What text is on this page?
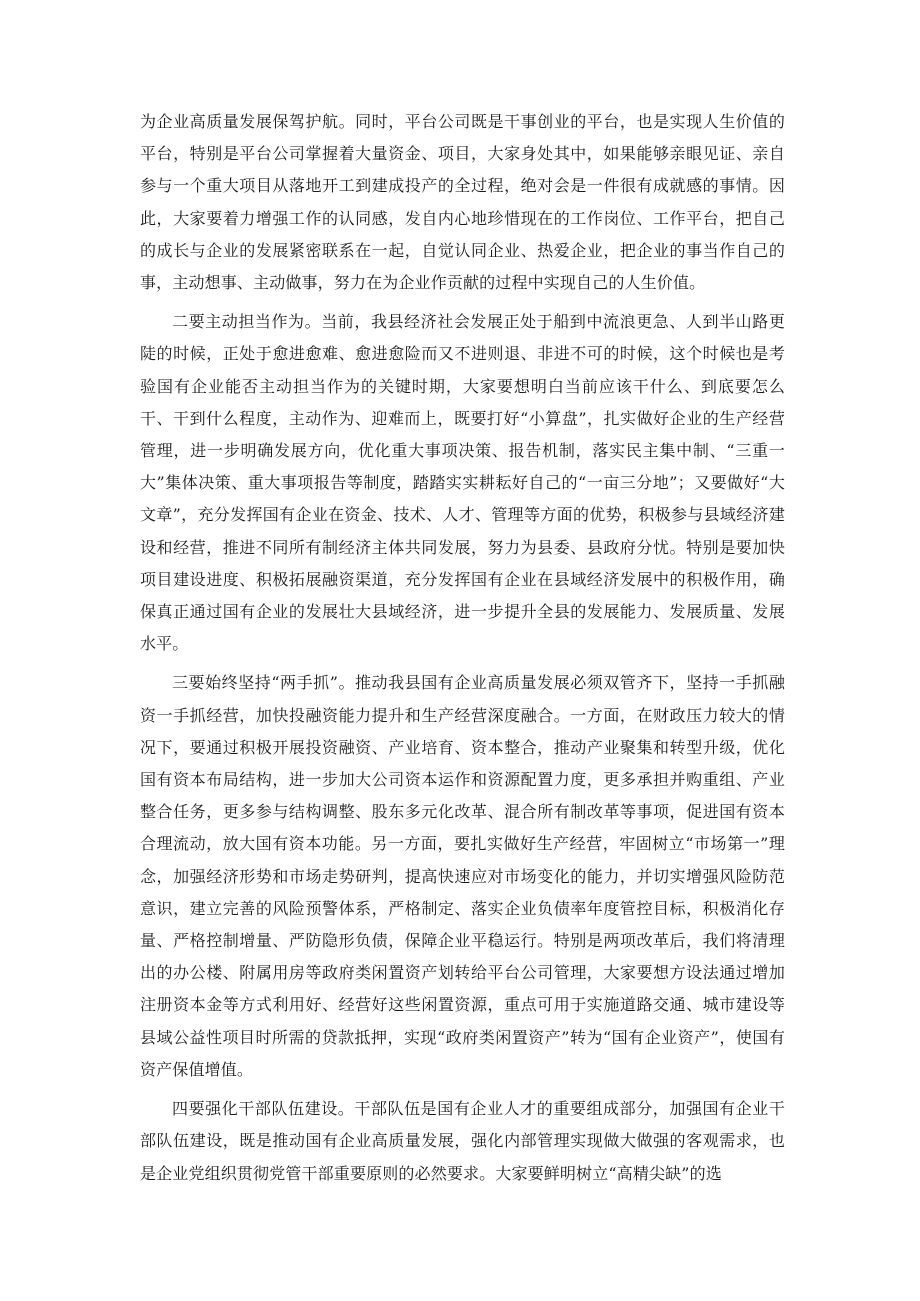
为企业高质量发展保驾护航。同时，平台公司既是干事创业的平台，也是实现人生价值的平台，特别是平台公司掌握着大量资金、项目，大家身处其中，如果能够亲眼见证、亲自参与一个重大项目从落地开工到建成投产的全过程，绝对会是一件很有成就感的事情。因此，大家要着力增强工作的认同感，发自内心地珍惜现在的工作岗位、工作平台，把自己的成长与企业的发展紧密联系在一起，自觉认同企业、热爱企业，把企业的事当作自己的事，主动想事、主动做事，努力在为企业作贡献的过程中实现自己的人生价值。

二要主动担当作为。当前，我县经济社会发展正处于船到中流浪更急、人到半山路更陡的时候，正处于愈进愈难、愈进愈险而又不进则退、非进不可的时候，这个时候也是考验国有企业能否主动担当作为的关键时期，大家要想明白当前应该干什么、到底要怎么干、干到什么程度，主动作为、迎难而上，既要打好“小算盘”，扎实做好企业的生产经营管理，进一步明确发展方向，优化重大事项决策、报告机制，落实民主集中制、“三重一大”集体决策、重大事项报告等制度，踏踏实实耕耘好自己的“一亩三分地”；又要做好“大文章”，充分发挥国有企业在资金、技术、人才、管理等方面的优势，积极参与县域经济建设和经营，推进不同所有制经济主体共同发展，努力为县委、县政府分忧。特别是要加快项目建设进度、积极拓展融资渠道，充分发挥国有企业在县域经济发展中的积极作用，确保真正通过国有企业的发展壮大县域经济，进一步提升全县的发展能力、发展质量、发展水平。

三要始终坚持“两手抓”。推动我县国有企业高质量发展必须双管齐下，坚持一手抓融资一手抓经营，加快投融资能力提升和生产经营深度融合。一方面，在财政压力较大的情况下，要通过积极开展投资融资、产业培育、资本整合，推动产业聚集和转型升级，优化国有资本布局结构，进一步加大公司资本运作和资源配置力度，更多承担并购重组、产业整合任务，更多参与结构调整、股东多元化改革、混合所有制改革等事项，促进国有资本合理流动，放大国有资本功能。另一方面，要扎实做好生产经营，牢固树立“市场第一”理念，加强经济形势和市场走势研判，提高快速应对市场变化的能力，并切实增强风险防范意识，建立完善的风险预警体系，严格制定、落实企业负债率年度管控目标，积极消化存量、严格控制增量、严防隐形负债，保障企业平稳运行。特别是两项改革后，我们将清理出的办公楼、附属用房等政府类闲置资产划转给平台公司管理，大家要想方设法通过增加注册资本金等方式利用好、经营好这些闲置资源，重点可用于实施道路交通、城市建设等县域公益性项目时所需的贷款抵押，实现“政府类闲置资产”转为“国有企业资产”，使国有资产保值增值。

四要强化干部队伍建设。干部队伍是国有企业人才的重要组成部分，加强国有企业干部队伍建设，既是推动国有企业高质量发展，强化内部管理实现做大做强的客观需求，也是企业党组织贯彻党管干部重要原则的必然要求。大家要鲜明树立“高精尖缺”的选
